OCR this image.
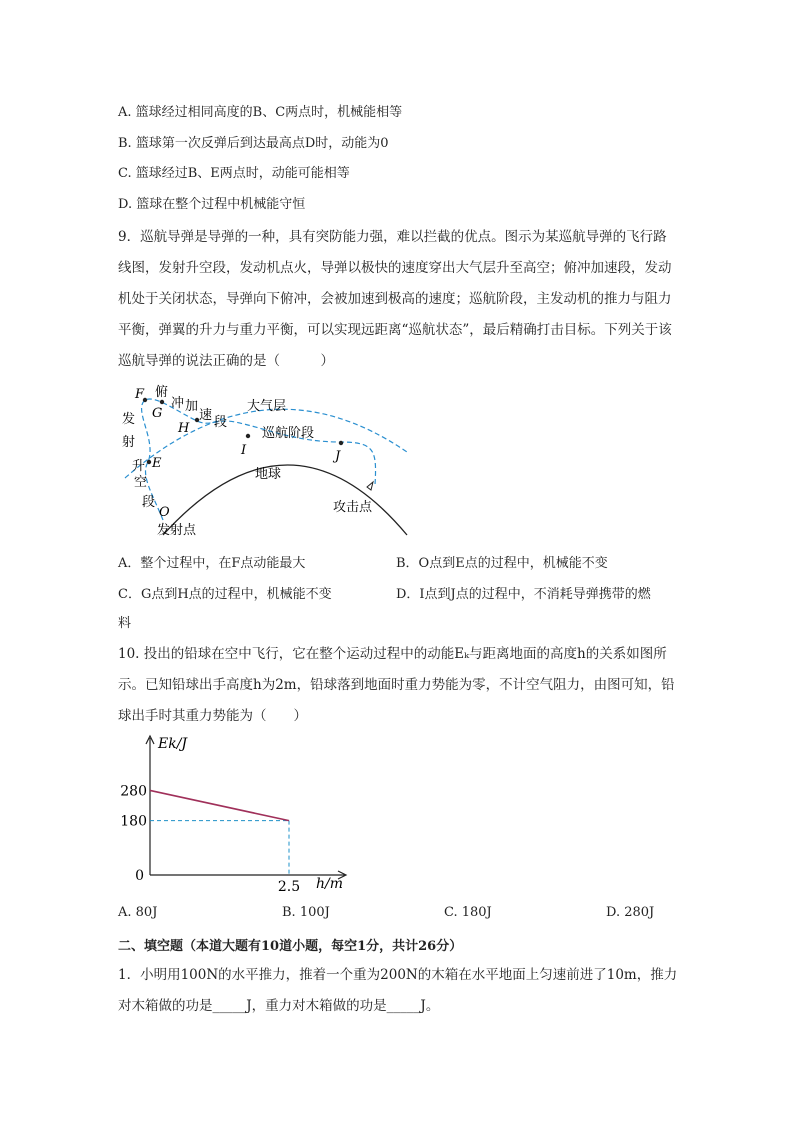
A. 篮球经过相同高度的B、C两点时，机械能相等
B. 篮球第一次反弹后到达最高点D时，动能为0
C. 篮球经过B、E两点时，动能可能相等
D. 篮球在整个过程中机械能守恒
9．巡航导弹是导弹的一种，具有突防能力强，难以拦截的优点。图示为某巡航导弹的飞行路线图，发射升空段，发动机点火，导弹以极快的速度穿出大气层升至高空；俯冲加速段，发动机处于关闭状态，导弹向下俯冲，会被加速到极高的速度；巡航阶段，主发动机的推力与阻力平衡，弹翼的升力与重力平衡，可以实现远距离“巡航状态”，最后精确打击目标。下列关于该巡航导弹的说法正确的是（　　　）
F
G
H
I	J
E
O
发
射
升
空
段
俯
冲 加
速 段
大气层
巡航阶段
地球
攻击点
发射点
A．整个过程中，在F点动能最大	B．O点到E点的过程中，机械能不变
C．G点到H点的过程中，机械能不变	D．I点到J点的过程中，不消耗导弹携带的燃
料
10. 投出的铅球在空中飞行，它在整个运动过程中的动能Eₖ与距离地面的高度h的关系如图所示。已知铅球出手高度h为2m，铅球落到地面时重力势能为零，不计空气阻力，由图可知，铅球出手时其重力势能为（　　）
280
180
0
2.5
Ek/J
h/m
A. 80J	B. 100J	C. 180J	D. 280J
二、填空题（本道大题有10道小题，每空1分，共计26分）
1．小明用100N的水平推力，推着一个重为200N的木箱在水平地面上匀速前进了10m，推力对木箱做的功是_____J，重力对木箱做的功是_____J。
